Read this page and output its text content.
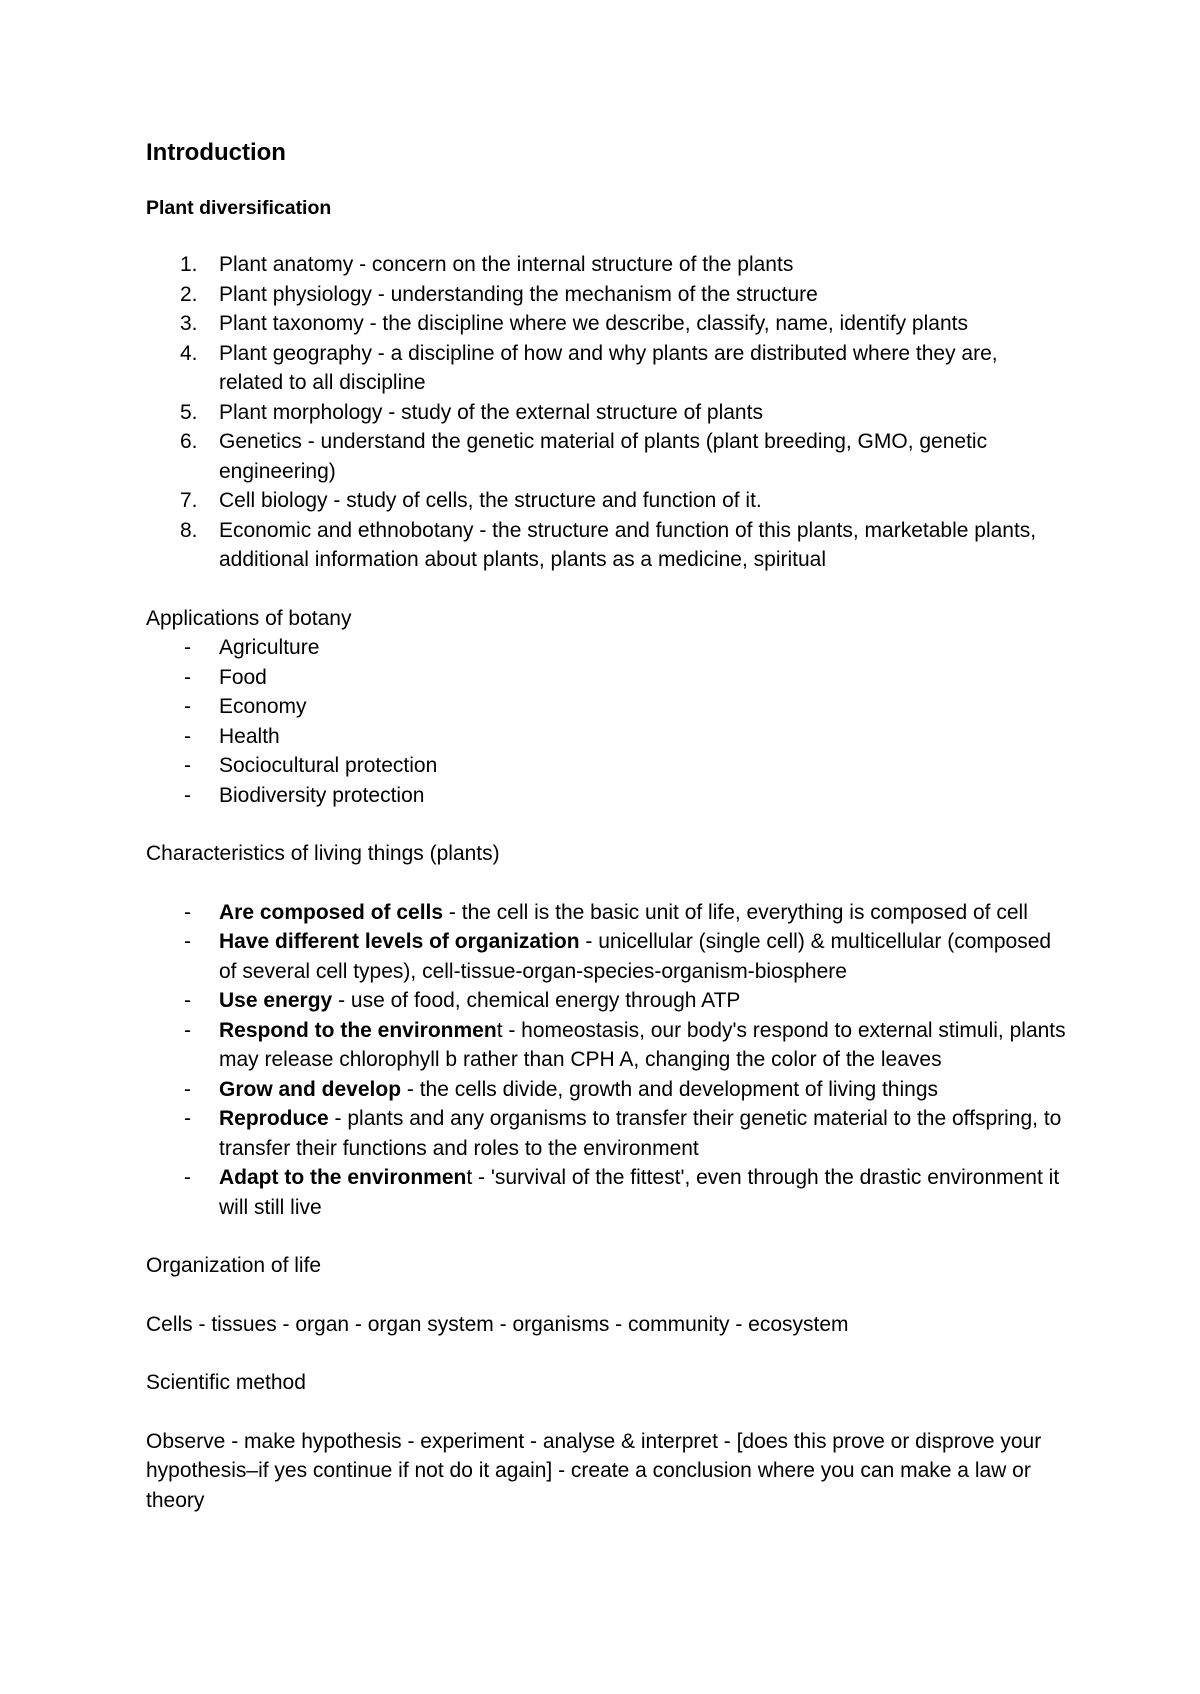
Introduction
Plant diversification
1. Plant anatomy - concern on the internal structure of the plants
2. Plant physiology - understanding the mechanism of the structure
3. Plant taxonomy - the discipline where we describe, classify, name, identify plants
4. Plant geography - a discipline of how and why plants are distributed where they are, related to all discipline
5. Plant morphology - study of the external structure of plants
6. Genetics - understand the genetic material of plants (plant breeding, GMO, genetic engineering)
7. Cell biology - study of cells, the structure and function of it.
8. Economic and ethnobotany - the structure and function of this plants, marketable plants, additional information about plants, plants as a medicine, spiritual

Applications of botany

- Agriculture
- Food
- Economy
- Health
- Sociocultural protection
- Biodiversity protection

Characteristics of living things (plants)

- Are composed of cells - the cell is the basic unit of life, everything is composed of cell
- Have different levels of organization - unicellular (single cell) & multicellular (composed of several cell types), cell-tissue-organ-species-organism-biosphere
- Use energy - use of food, chemical energy through ATP
- Respond to the environment - homeostasis, our body's respond to external stimuli, plants may release chlorophyll b rather than CPH A, changing the color of the leaves
- Grow and develop - the cells divide, growth and development of living things
- Reproduce - plants and any organisms to transfer their genetic material to the offspring, to transfer their functions and roles to the environment
- Adapt to the environment - 'survival of the fittest', even through the drastic environment it will still live

Organization of life

Cells - tissues - organ - organ system - organisms - community - ecosystem

Scientific method

Observe - make hypothesis - experiment - analyse & interpret - [does this prove or disprove your hypothesis–if yes continue if not do it again] - create a conclusion where you can make a law or theory
